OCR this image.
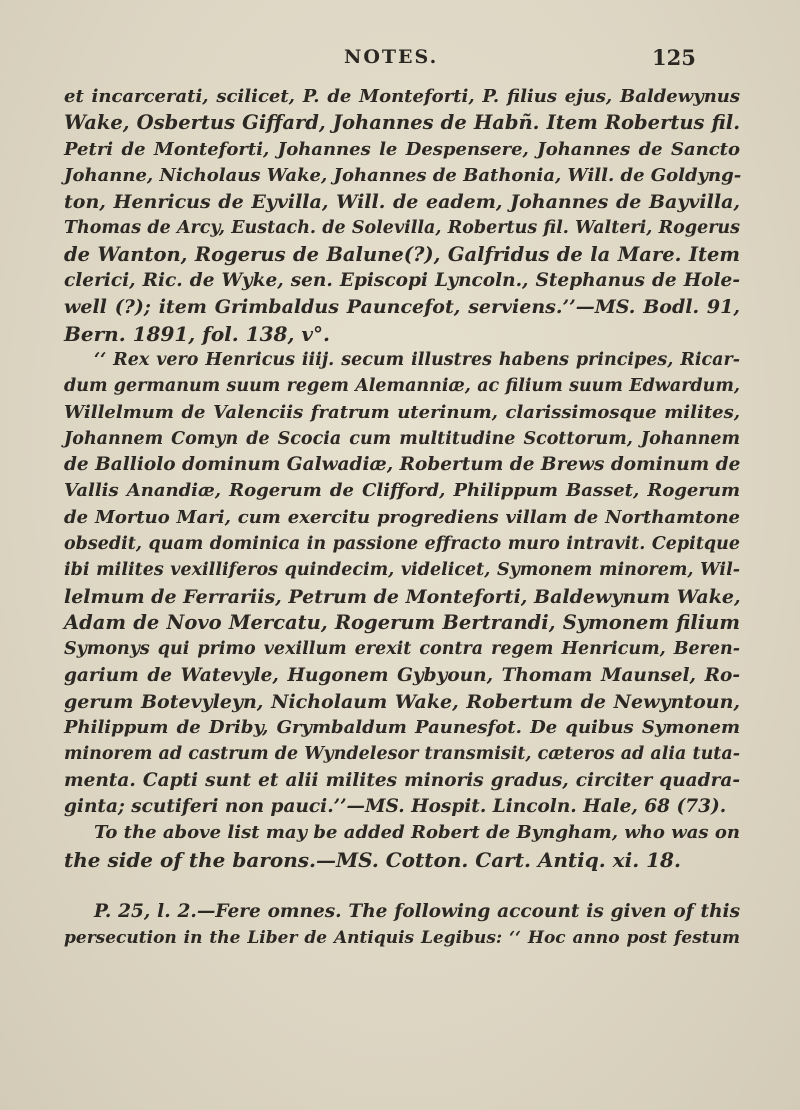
NOTES.	125
et incarcerati, scilicet, P. de Monteforti, P. filius ejus, Baldewynus
Wake, Osbertus Giffard, Johannes de Habñ. Item Robertus fil.
Petri de Monteforti, Johannes le Despensere, Johannes de Sancto
Johanne, Nicholaus Wake, Johannes de Bathonia, Will. de Goldyng-
ton, Henricus de Eyvilla, Will. de eadem, Johannes de Bayvilla,
Thomas de Arcy, Eustach. de Solevilla, Robertus fil. Walteri, Rogerus
de Wanton, Rogerus de Balune(?), Galfridus de la Mare. Item
clerici, Ric. de Wyke, sen. Episcopi Lyncoln., Stephanus de Hole-
well (?); item Grimbaldus Pauncefot, serviens.’’—MS. Bodl. 91,
Bern. 1891, fol. 138, v°.
‘‘ Rex vero Henricus iiij. secum illustres habens principes, Ricar-
dum germanum suum regem Alemanniæ, ac filium suum Edwardum,
Willelmum de Valenciis fratrum uterinum, clarissimosque milites,
Johannem Comyn de Scocia cum multitudine Scottorum, Johannem
de Balliolo dominum Galwadiæ, Robertum de Brews dominum de
Vallis Anandiæ, Rogerum de Clifford, Philippum Basset, Rogerum
de Mortuo Mari, cum exercitu progrediens villam de Northamtone
obsedit, quam dominica in passione effracto muro intravit. Cepitque
ibi milites vexilliferos quindecim, videlicet, Symonem minorem, Wil-
lelmum de Ferrariis, Petrum de Monteforti, Baldewynum Wake,
Adam de Novo Mercatu, Rogerum Bertrandi, Symonem filium
Symonys qui primo vexillum erexit contra regem Henricum, Beren-
garium de Watevyle, Hugonem Gybyoun, Thomam Maunsel, Ro-
gerum Botevyleyn, Nicholaum Wake, Robertum de Newyntoun,
Philippum de Driby, Grymbaldum Paunesfot. De quibus Symonem
minorem ad castrum de Wyndelesor transmisit, cæteros ad alia tuta-
menta. Capti sunt et alii milites minoris gradus, circiter quadra-
ginta; scutiferi non pauci.’’—MS. Hospit. Lincoln. Hale, 68 (73).
To the above list may be added Robert de Byngham, who was on
the side of the barons.—MS. Cotton. Cart. Antiq. xi. 18.
P. 25, l. 2.—Fere omnes. The following account is given of this
persecution in the Liber de Antiquis Legibus: ‘‘ Hoc anno post festum
